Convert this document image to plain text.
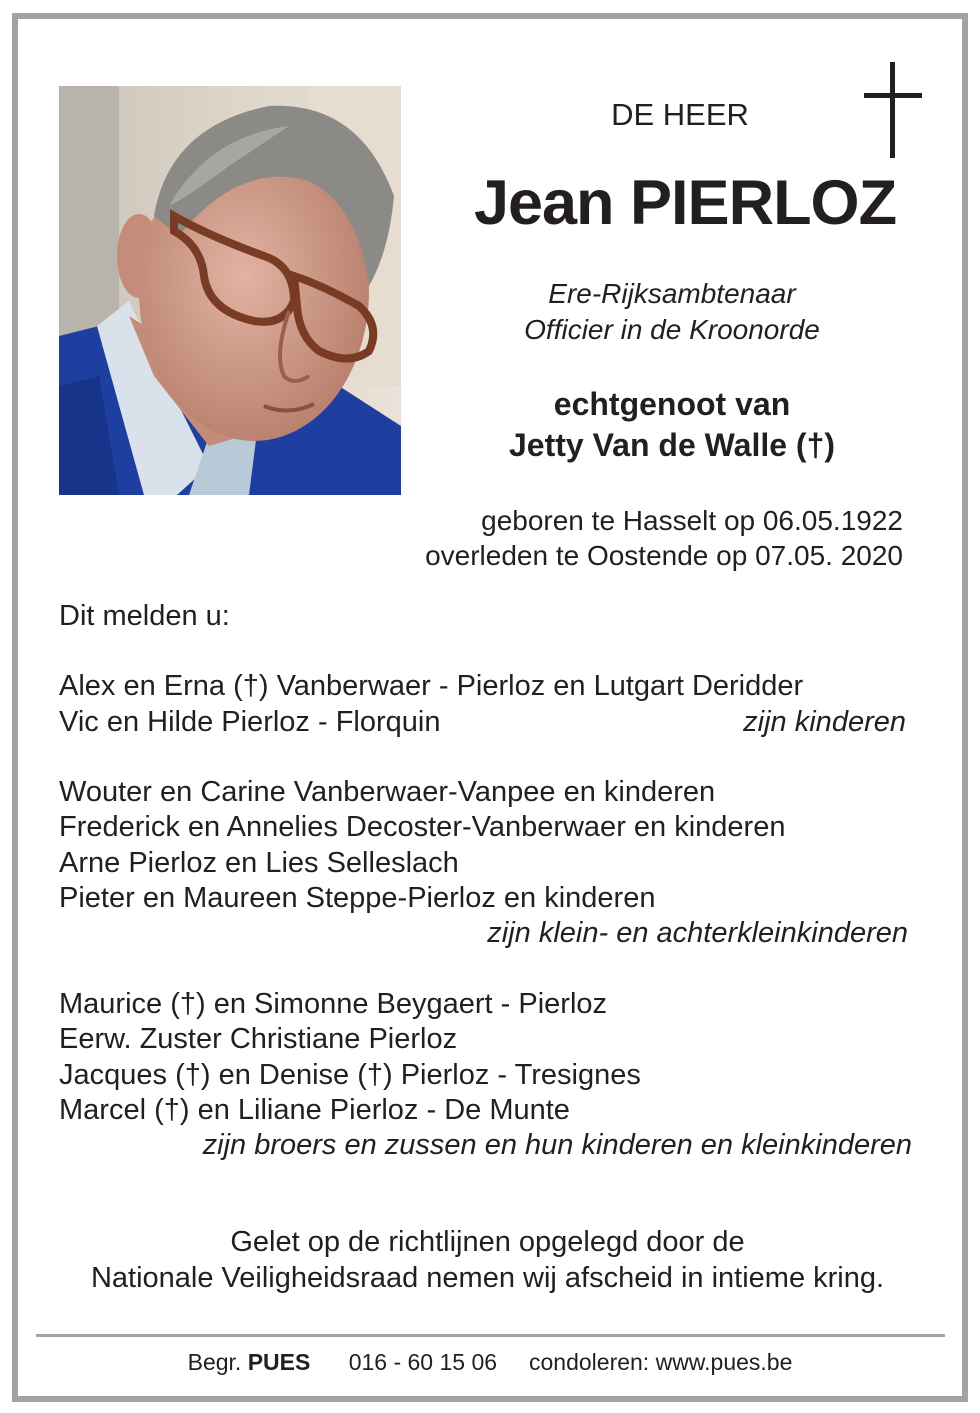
DE HEER

Jean PIERLOZ

Ere-Rijksambtenaar

Officier in de Kroonorde

echtgenoot van

Jetty Van de Walle (†)

geboren te Hasselt op 06.05.1922

overleden te Oostende op 07.05. 2020

Dit melden u:

Alex en Erna (†) Vanberwaer - Pierloz en Lutgart Deridder

Vic en Hilde Pierloz - Florquin	zijn kinderen

Wouter en Carine Vanberwaer-Vanpee en kinderen

Frederick en Annelies Decoster-Vanberwaer en kinderen

Arne Pierloz en Lies Selleslach

Pieter en Maureen Steppe-Pierloz en kinderen

zijn klein- en achterkleinkinderen

Maurice (†) en Simonne Beygaert - Pierloz

Eerw. Zuster Christiane Pierloz

Jacques (†) en Denise (†) Pierloz - Tresignes

Marcel (†) en Liliane Pierloz - De Munte

zijn broers en zussen en hun kinderen en kleinkinderen

Gelet op de richtlijnen opgelegd door de

Nationale Veiligheidsraad nemen wij afscheid in intieme kring.

Begr. PUES 016 - 60 15 06 condoleren: www.pues.be
